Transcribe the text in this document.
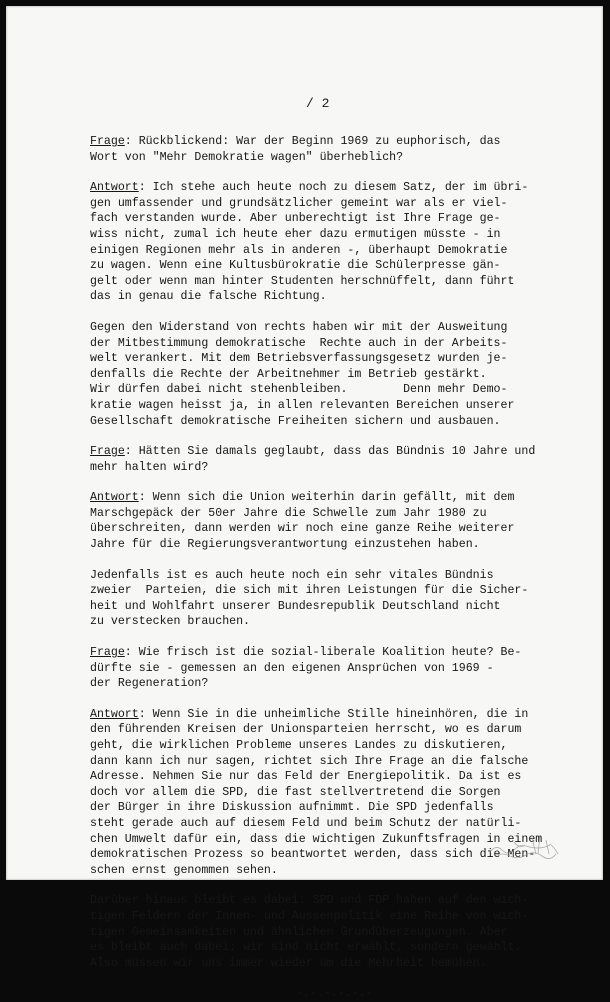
/ 2

Frage: Rückblickend: War der Beginn 1969 zu euphorisch, das

Wort von "Mehr Demokratie wagen" überheblich?

Antwort: Ich stehe auch heute noch zu diesem Satz, der im übri-

gen umfassender und grundsätzlicher gemeint war als er viel-

fach verstanden wurde. Aber unberechtigt ist Ihre Frage ge-

wiss nicht, zumal ich heute eher dazu ermutigen müsste - in

einigen Regionen mehr als in anderen -, überhaupt Demokratie

zu wagen. Wenn eine Kultusbürokratie die Schülerpresse gän-

gelt oder wenn man hinter Studenten herschnüffelt, dann führt

das in genau die falsche Richtung.

Gegen den Widerstand von rechts haben wir mit der Ausweitung

der Mitbestimmung demokratische  Rechte auch in der Arbeits-

welt verankert. Mit dem Betriebsverfassungsgesetz wurden je-

denfalls die Rechte der Arbeitnehmer im Betrieb gestärkt.

Wir dürfen dabei nicht stehenbleiben.        Denn mehr Demo-

kratie wagen heisst ja, in allen relevanten Bereichen unserer

Gesellschaft demokratische Freiheiten sichern und ausbauen.

Frage: Hätten Sie damals geglaubt, dass das Bündnis 10 Jahre und

mehr halten wird?

Antwort: Wenn sich die Union weiterhin darin gefällt, mit dem

Marschgepäck der 50er Jahre die Schwelle zum Jahr 1980 zu

überschreiten, dann werden wir noch eine ganze Reihe weiterer

Jahre für die Regierungsverantwortung einzustehen haben.

Jedenfalls ist es auch heute noch ein sehr vitales Bündnis

zweier  Parteien, die sich mit ihren Leistungen für die Sicher-

heit und Wohlfahrt unserer Bundesrepublik Deutschland nicht

zu verstecken brauchen.

Frage: Wie frisch ist die sozial-liberale Koalition heute? Be-

dürfte sie - gemessen an den eigenen Ansprüchen von 1969 -

der Regeneration?

Antwort: Wenn Sie in die unheimliche Stille hineinhören, die in

den führenden Kreisen der Unionsparteien herrscht, wo es darum

geht, die wirklichen Probleme unseres Landes zu diskutieren,

dann kann ich nur sagen, richtet sich Ihre Frage an die falsche

Adresse. Nehmen Sie nur das Feld der Energiepolitik. Da ist es

doch vor allem die SPD, die fast stellvertretend die Sorgen

der Bürger in ihre Diskussion aufnimmt. Die SPD jedenfalls

steht gerade auch auf diesem Feld und beim Schutz der natürli-

chen Umwelt dafür ein, dass die wichtigen Zukunftsfragen in einem

demokratischen Prozess so beantwortet werden, dass sich die Men-

schen ernst genommen sehen.

Darüber hinaus bleibt es dabei: SPD und FDP haben auf den wich-

tigen Feldern der Innen- und Aussenpolitik eine Reihe von wich-

tigen Gemeinsamkeiten und ähnlichen Grundüberzeugungen. Aber

es bleibt auch dabei: wir sind nicht erwählt, sondern gewählt.

Also müssen wir uns immer wieder um die Mehrheit bemühen.

-.-.-.-.-.-
